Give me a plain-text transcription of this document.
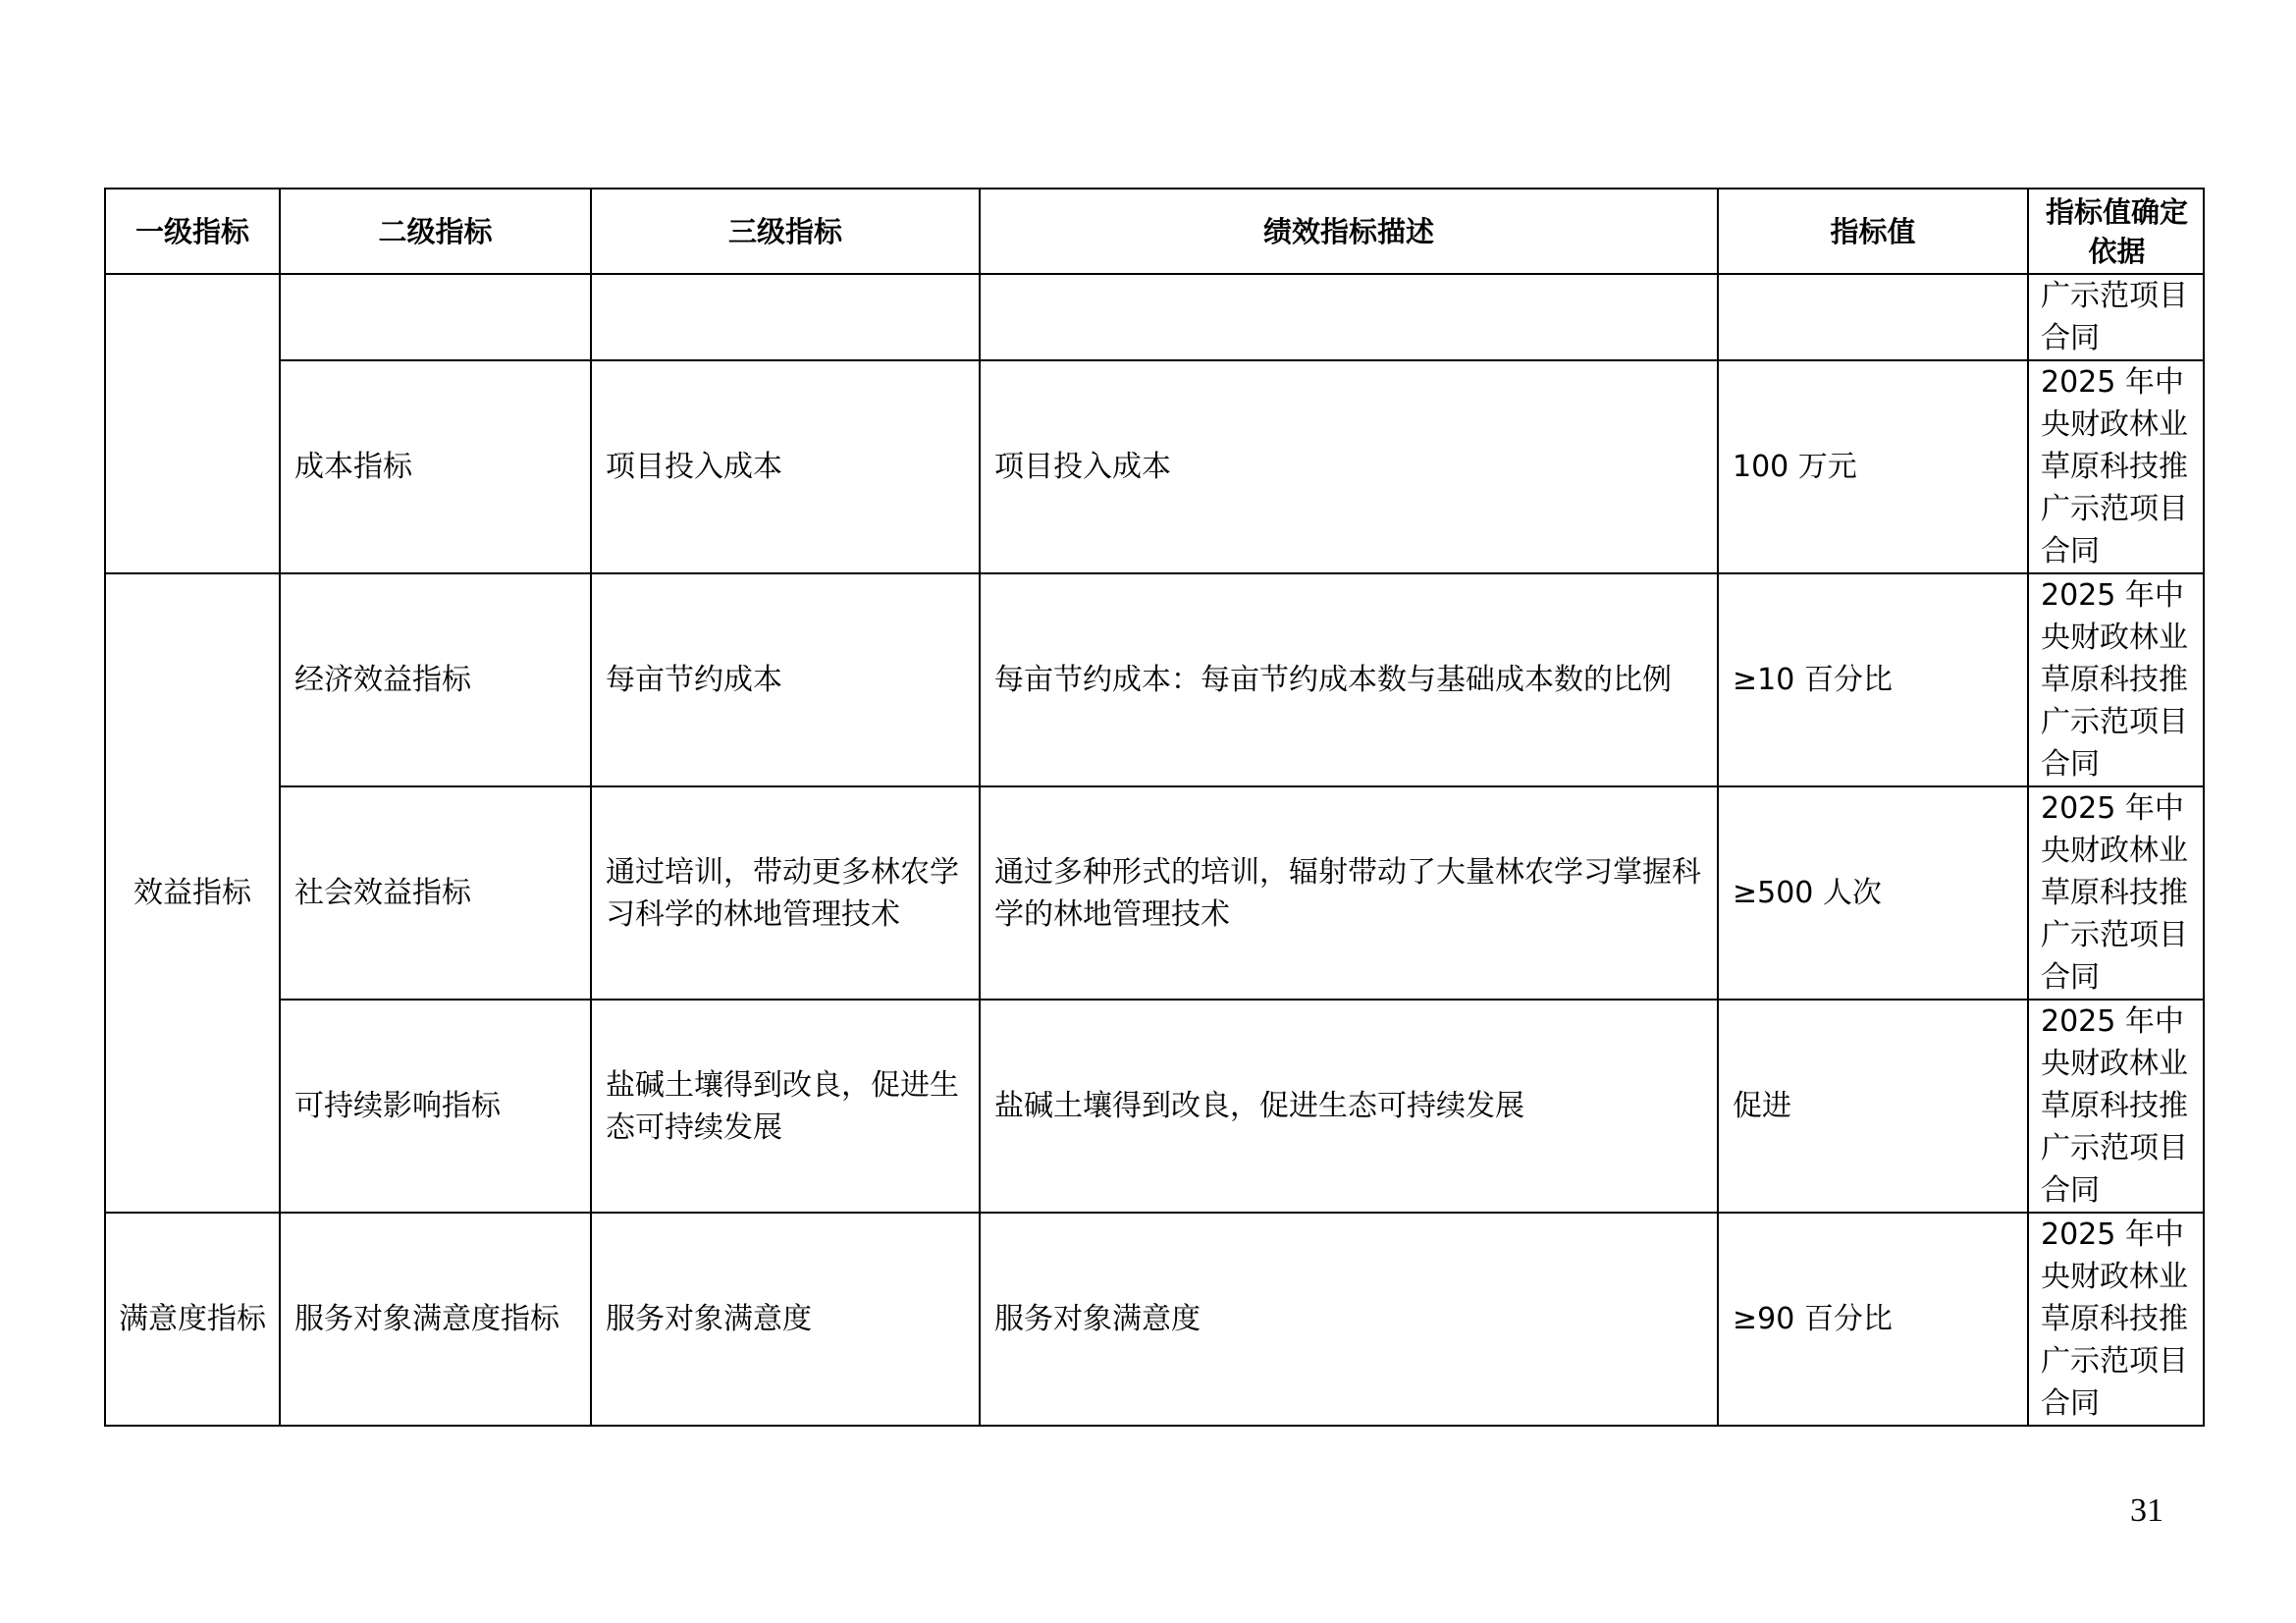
一级指标	二级指标	三级指标	绩效指标描述	指标值	指标值确定依据
					广示范项目合同
	成本指标	项目投入成本	项目投入成本	100 万元	2025 年中央财政林业草原科技推广示范项目合同
效益指标	经济效益指标	每亩节约成本	每亩节约成本：每亩节约成本数与基础成本数的比例	≥10 百分比	2025 年中央财政林业草原科技推广示范项目合同
	社会效益指标	通过培训，带动更多林农学习科学的林地管理技术	通过多种形式的培训，辐射带动了大量林农学习掌握科学的林地管理技术	≥500 人次	2025 年中央财政林业草原科技推广示范项目合同
	可持续影响指标	盐碱土壤得到改良，促进生态可持续发展	盐碱土壤得到改良，促进生态可持续发展	促进	2025 年中央财政林业草原科技推广示范项目合同
满意度指标	服务对象满意度指标	服务对象满意度	服务对象满意度	≥90 百分比	2025 年中央财政林业草原科技推广示范项目合同
31
